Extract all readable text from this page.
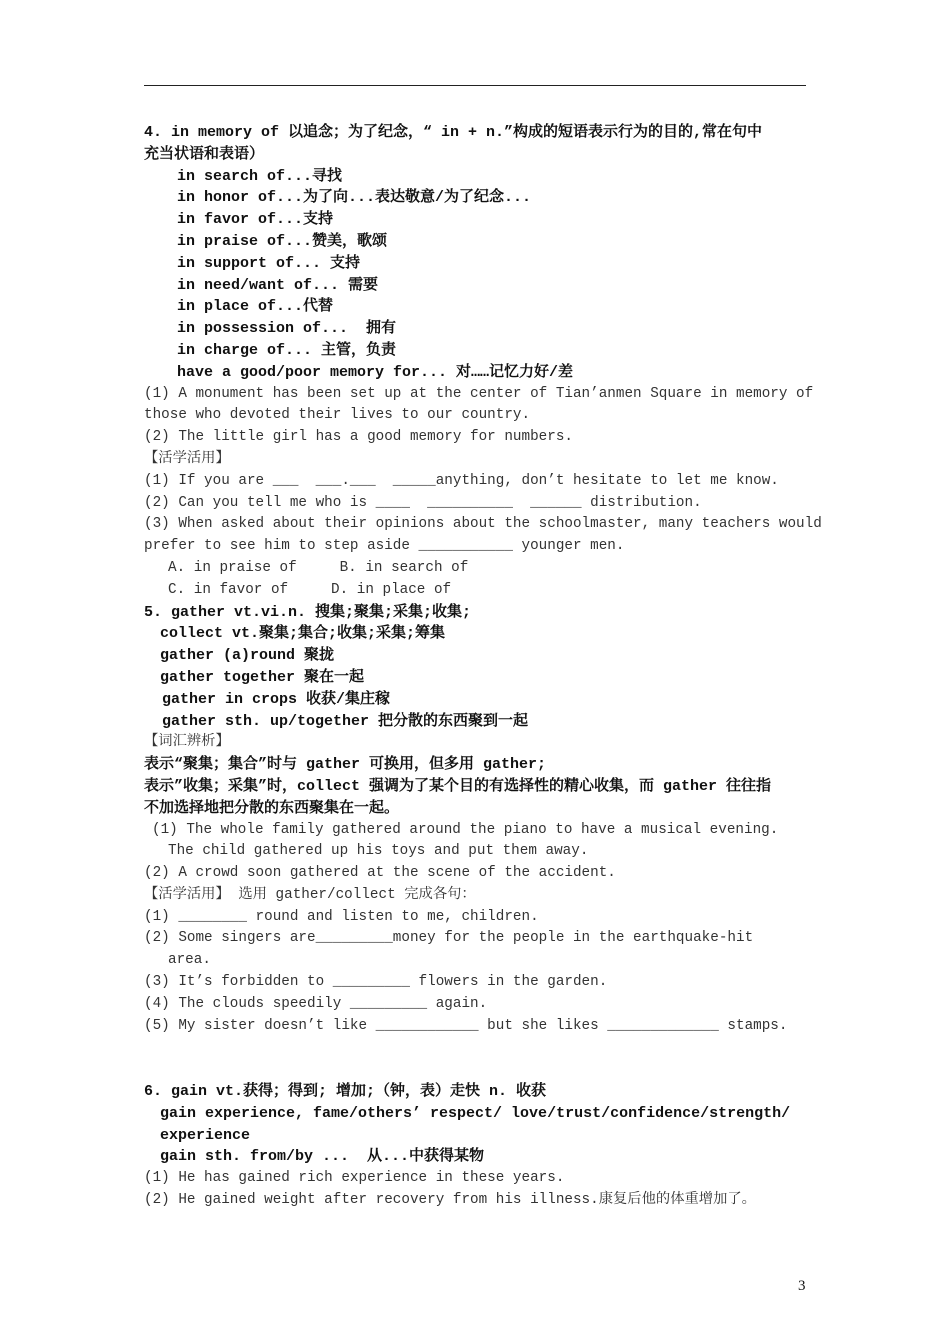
4. in memory of 以追念；为了纪念，“ in + n.”构成的短语表示行为的目的,常在句中
充当状语和表语）
in search of...寻找
in honor of...为了向...表达敬意/为了纪念...
in favor of...支持
in praise of...赞美，歌颂
in support of... 支持
in need/want of... 需要
in place of...代替
in possession of...  拥有
in charge of... 主管，负责
have a good/poor memory for... 对……记忆力好/差
(1) A monument has been set up at the center of Tian’anmen Square in memory of
those who devoted their lives to our country.
(2) The little girl has a good memory for numbers.
【活学活用】
(1) If you are ___  ___.___  _____anything, don’t hesitate to let me know.
(2) Can you tell me who is ____  __________  ______ distribution.
(3) When asked about their opinions about the schoolmaster, many teachers would
prefer to see him to step aside ___________ younger men.
A. in praise of     B. in search of
C. in favor of     D. in place of
5. gather vt.vi.n. 搜集;聚集;采集;收集;
collect vt.聚集;集合;收集;采集;筹集
gather (a)round 聚拢
gather together 聚在一起
gather in crops 收获/集庄稼
gather sth. up/together 把分散的东西聚到一起
【词汇辨析】
表示“聚集；集合”时与 gather 可换用，但多用 gather;
表示”收集；采集”时，collect 强调为了某个目的有选择性的精心收集，而 gather 往往指
不加选择地把分散的东西聚集在一起。
(1) The whole family gathered around the piano to have a musical evening.
The child gathered up his toys and put them away.
(2) A crowd soon gathered at the scene of the accident.
【活学活用】 选用 gather/collect 完成各句：
(1) ________ round and listen to me, children.
(2) Some singers are_________money for the people in the earthquake-hit
area.
(3) It’s forbidden to _________ flowers in the garden.
(4) The clouds speedily _________ again.
(5) My sister doesn’t like ____________ but she likes _____________ stamps.
6. gain vt.获得；得到; 增加;（钟，表）走快 n. 收获
gain experience, fame/others’ respect/ love/trust/confidence/strength/
experience
gain sth. from/by ...  从...中获得某物
(1) He has gained rich experience in these years.
(2) He gained weight after recovery from his illness.康复后他的体重增加了。
3
